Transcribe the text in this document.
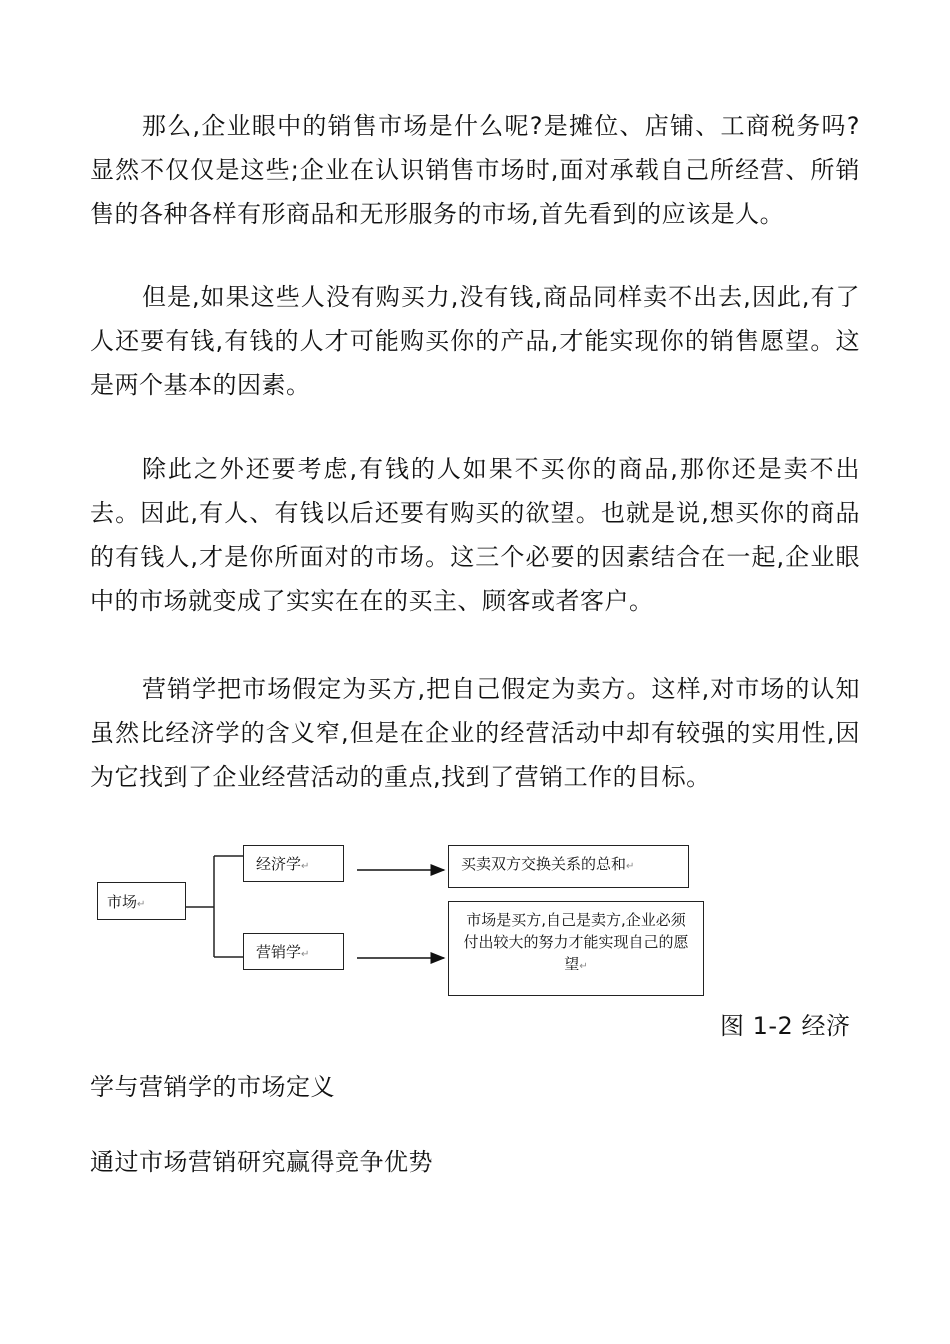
那么,企业眼中的销售市场是什么呢?是摊位、店铺、工商税务吗?显然不仅仅是这些;企业在认识销售市场时,面对承载自己所经营、所销售的各种各样有形商品和无形服务的市场,首先看到的应该是人。

但是,如果这些人没有购买力,没有钱,商品同样卖不出去,因此,有了人还要有钱,有钱的人才可能购买你的产品,才能实现你的销售愿望。这是两个基本的因素。

除此之外还要考虑,有钱的人如果不买你的商品,那你还是卖不出去。因此,有人、有钱以后还要有购买的欲望。也就是说,想买你的商品的有钱人,才是你所面对的市场。这三个必要的因素结合在一起,企业眼中的市场就变成了实实在在的买主、顾客或者客户。

营销学把市场假定为买方,把自己假定为卖方。这样,对市场的认知虽然比经济学的含义窄,但是在企业的经营活动中却有较强的实用性,因为它找到了企业经营活动的重点,找到了营销工作的目标。

市场↵
经济学↵
营销学↵
买卖双方交换关系的总和↵
市场是买方,自己是卖方,企业必须付出较大的努力才能实现自己的愿望↵

图 1-2 经济

学与营销学的市场定义

通过市场营销研究赢得竞争优势
